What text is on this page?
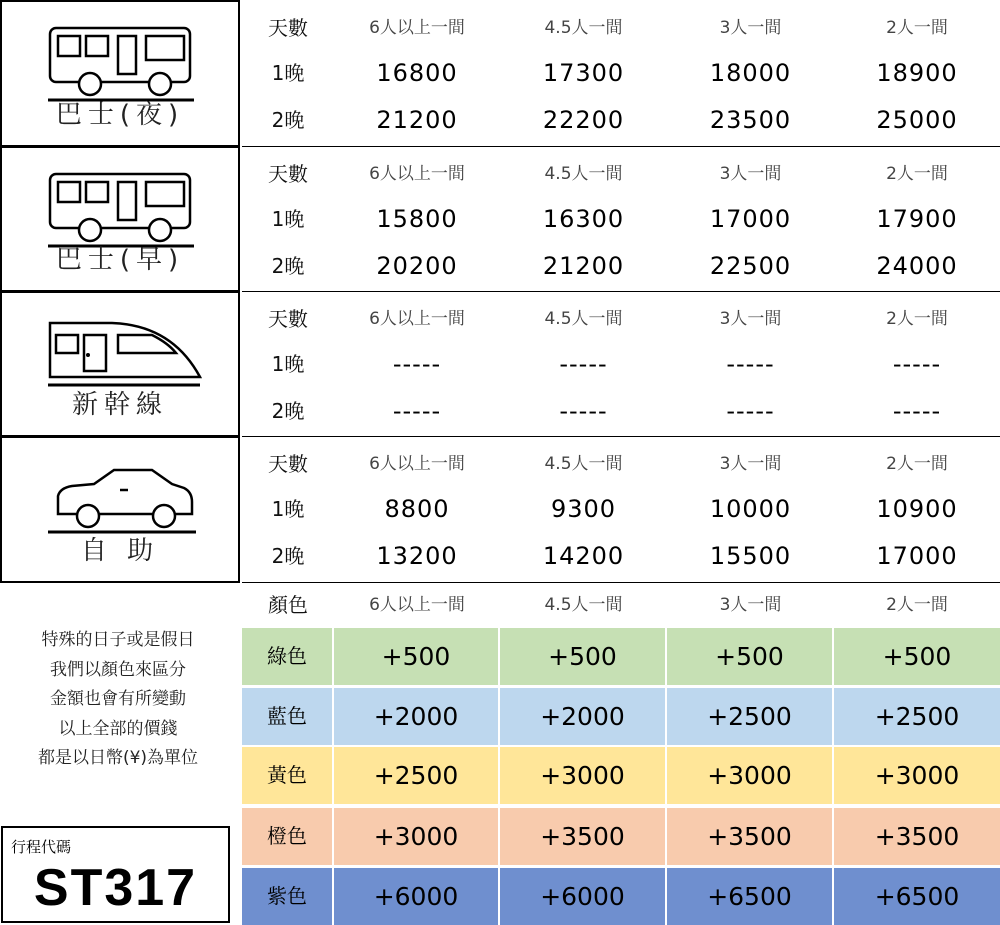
巴士(夜)
巴士(早)
新幹線
自 助
天數	6人以上一間	4.5人一間	3人一間	2人一間
1晚	16800	17300	18000	18900
2晚	21200	22200	23500	25000
天數	6人以上一間	4.5人一間	3人一間	2人一間
1晚	15800	16300	17000	17900
2晚	20200	21200	22500	24000
天數	6人以上一間	4.5人一間	3人一間	2人一間
1晚	-----	-----	-----	-----
2晚	-----	-----	-----	-----
天數	6人以上一間	4.5人一間	3人一間	2人一間
1晚	8800	9300	10000	10900
2晚	13200	14200	15500	17000
顏色	6人以上一間	4.5人一間	3人一間	2人一間
綠色	+500	+500	+500	+500
藍色	+2000	+2000	+2500	+2500
黃色	+2500	+3000	+3000	+3000
橙色	+3000	+3500	+3500	+3500
紫色	+6000	+6000	+6500	+6500
特殊的日子或是假日
我們以顏色來區分
金額也會有所變動
以上全部的價錢
都是以日幣(¥)為單位
行程代碼
ST317
